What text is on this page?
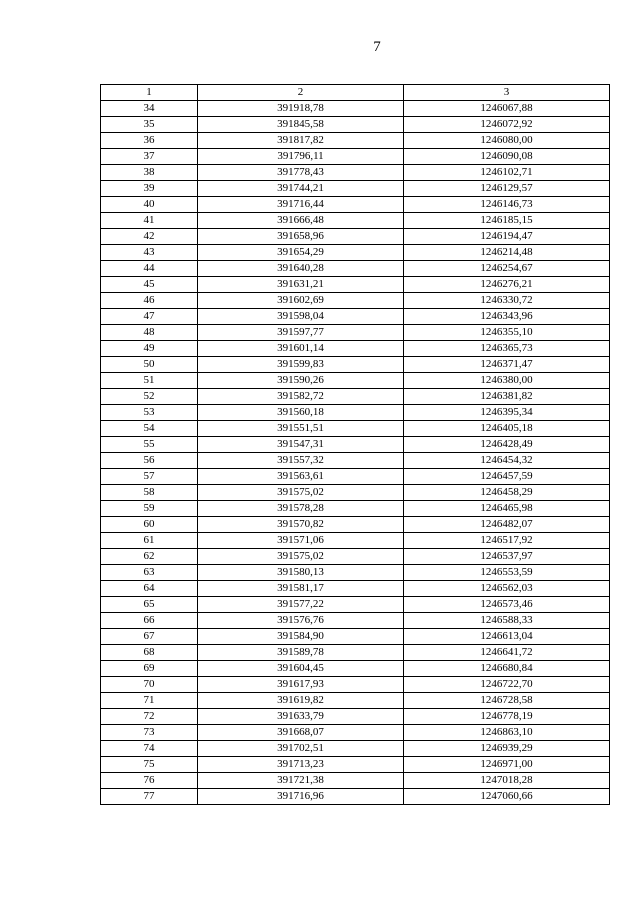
7
1	2	3
34	391918,78	1246067,88
35	391845,58	1246072,92
36	391817,82	1246080,00
37	391796,11	1246090,08
38	391778,43	1246102,71
39	391744,21	1246129,57
40	391716,44	1246146,73
41	391666,48	1246185,15
42	391658,96	1246194,47
43	391654,29	1246214,48
44	391640,28	1246254,67
45	391631,21	1246276,21
46	391602,69	1246330,72
47	391598,04	1246343,96
48	391597,77	1246355,10
49	391601,14	1246365,73
50	391599,83	1246371,47
51	391590,26	1246380,00
52	391582,72	1246381,82
53	391560,18	1246395,34
54	391551,51	1246405,18
55	391547,31	1246428,49
56	391557,32	1246454,32
57	391563,61	1246457,59
58	391575,02	1246458,29
59	391578,28	1246465,98
60	391570,82	1246482,07
61	391571,06	1246517,92
62	391575,02	1246537,97
63	391580,13	1246553,59
64	391581,17	1246562,03
65	391577,22	1246573,46
66	391576,76	1246588,33
67	391584,90	1246613,04
68	391589,78	1246641,72
69	391604,45	1246680,84
70	391617,93	1246722,70
71	391619,82	1246728,58
72	391633,79	1246778,19
73	391668,07	1246863,10
74	391702,51	1246939,29
75	391713,23	1246971,00
76	391721,38	1247018,28
77	391716,96	1247060,66
